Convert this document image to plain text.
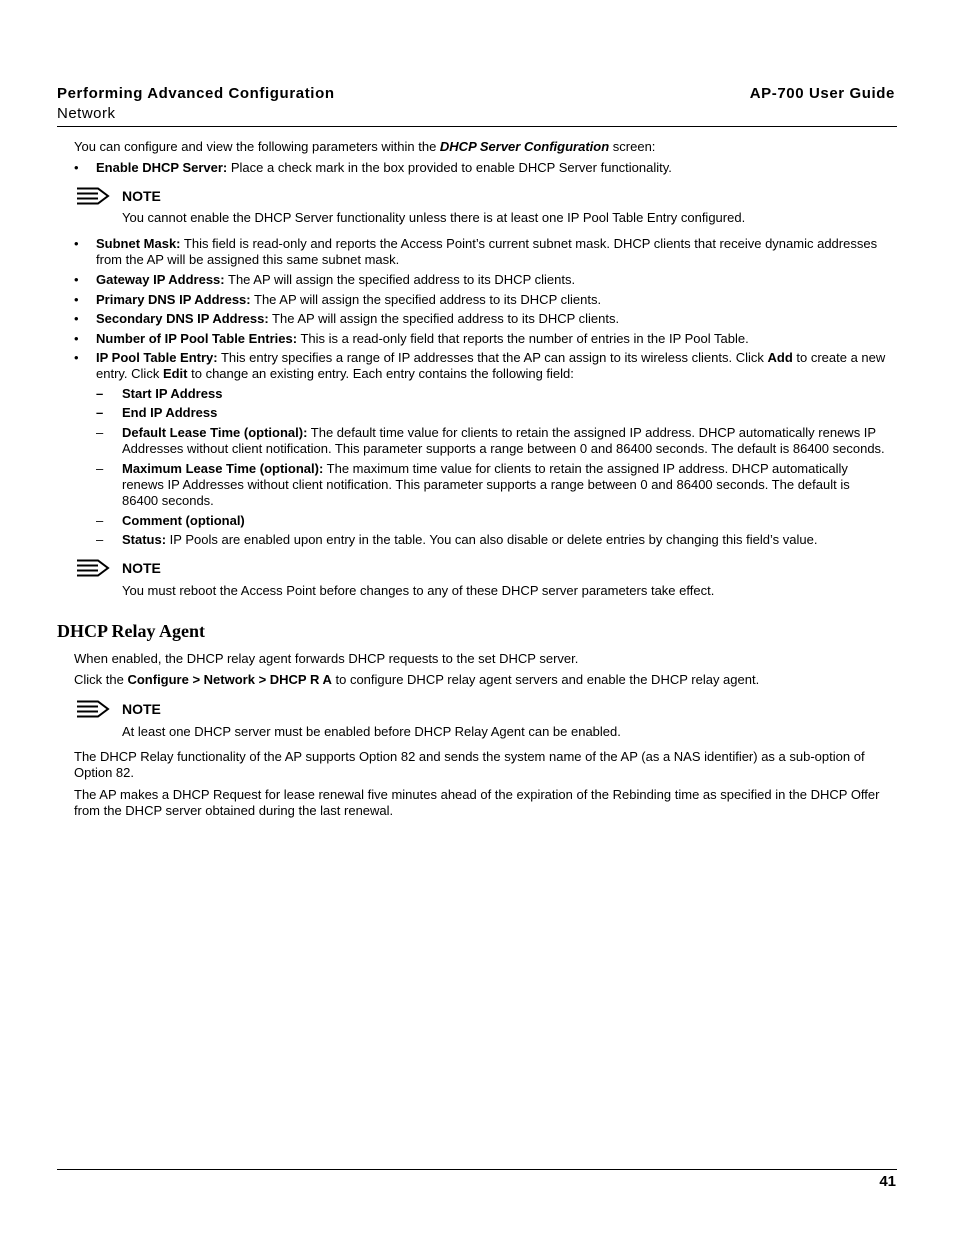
Performing Advanced Configuration
Network
AP-700 User Guide
You can configure and view the following parameters within the DHCP Server Configuration screen:
• Enable DHCP Server: Place a check mark in the box provided to enable DHCP Server functionality.
NOTE
You cannot enable the DHCP Server functionality unless there is at least one IP Pool Table Entry configured.
• Subnet Mask: This field is read-only and reports the Access Point’s current subnet mask. DHCP clients that receive dynamic addresses from the AP will be assigned this same subnet mask.
• Gateway IP Address: The AP will assign the specified address to its DHCP clients.
• Primary DNS IP Address: The AP will assign the specified address to its DHCP clients.
• Secondary DNS IP Address: The AP will assign the specified address to its DHCP clients.
• Number of IP Pool Table Entries: This is a read-only field that reports the number of entries in the IP Pool Table.
• IP Pool Table Entry: This entry specifies a range of IP addresses that the AP can assign to its wireless clients. Click Add to create a new entry. Click Edit to change an existing entry. Each entry contains the following field:
– Start IP Address
– End IP Address
– Default Lease Time (optional): The default time value for clients to retain the assigned IP address. DHCP automatically renews IP Addresses without client notification. This parameter supports a range between 0 and 86400 seconds. The default is 86400 seconds.
– Maximum Lease Time (optional): The maximum time value for clients to retain the assigned IP address. DHCP automatically renews IP Addresses without client notification. This parameter supports a range between 0 and 86400 seconds. The default is 86400 seconds.
– Comment (optional)
– Status: IP Pools are enabled upon entry in the table. You can also disable or delete entries by changing this field’s value.
NOTE
You must reboot the Access Point before changes to any of these DHCP server parameters take effect.
DHCP Relay Agent
When enabled, the DHCP relay agent forwards DHCP requests to the set DHCP server.
Click the Configure > Network > DHCP R A to configure DHCP relay agent servers and enable the DHCP relay agent.
NOTE
At least one DHCP server must be enabled before DHCP Relay Agent can be enabled.
The DHCP Relay functionality of the AP supports Option 82 and sends the system name of the AP (as a NAS identifier) as a sub-option of Option 82.
The AP makes a DHCP Request for lease renewal five minutes ahead of the expiration of the Rebinding time as specified in the DHCP Offer from the DHCP server obtained during the last renewal.
41
